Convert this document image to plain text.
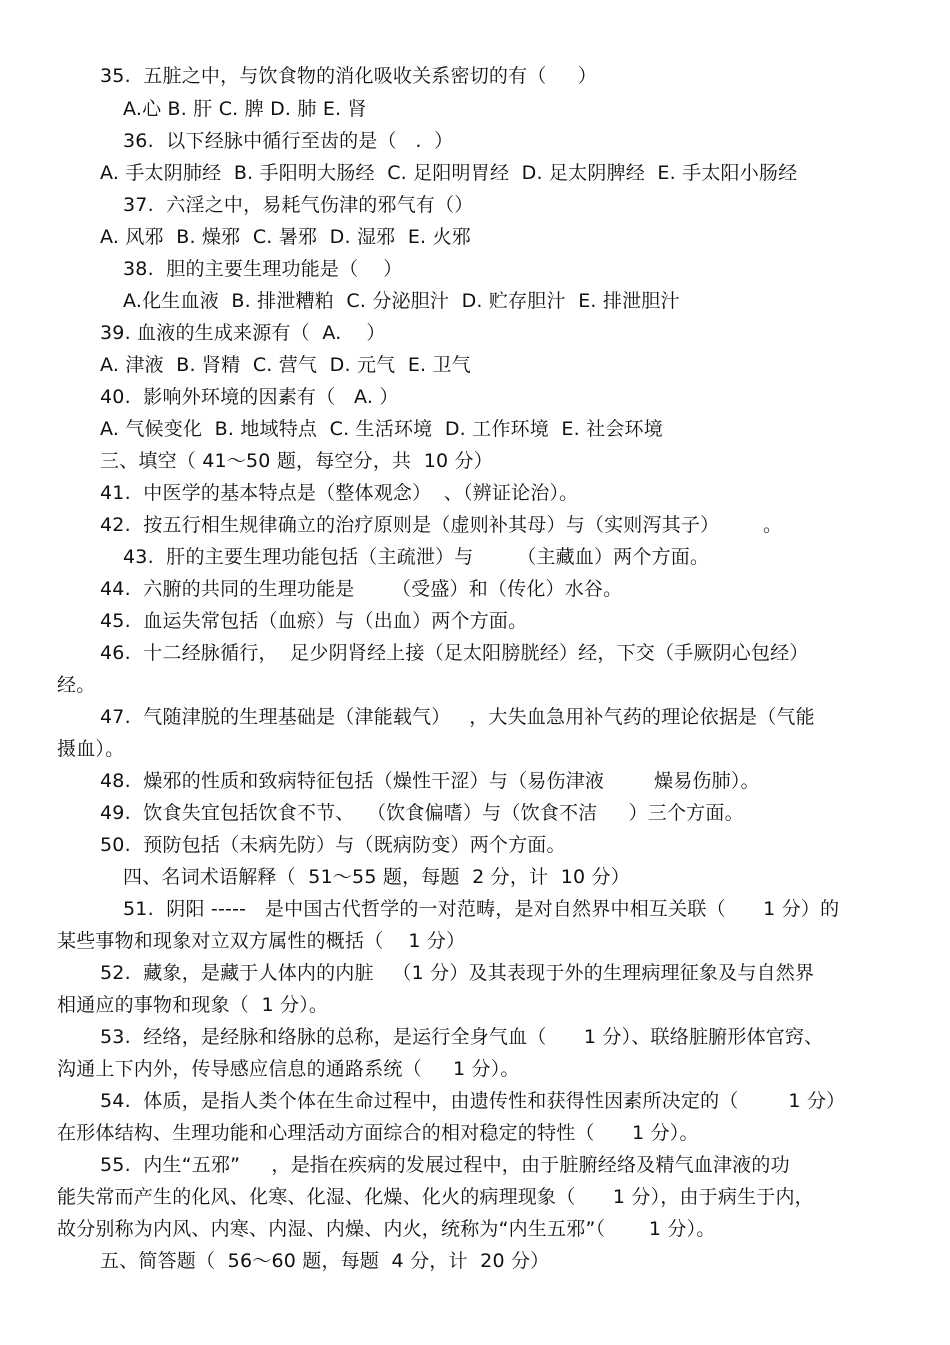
35.  五脏之中，与饮食物的消化吸收关系密切的有（     ）
A.心 B. 肝 C. 脾 D. 肺 E. 肾
36.  以下经脉中循行至齿的是（   .  ）
A. 手太阴肺经  B. 手阳明大肠经  C. 足阳明胃经  D. 足太阴脾经  E. 手太阳小肠经
37.  六淫之中，易耗气伤津的邪气有（）
A. 风邪  B. 燥邪  C. 暑邪  D. 湿邪  E. 火邪
38.  胆的主要生理功能是（    ）
A.化生血液  B. 排泄糟粕  C. 分泌胆汁  D. 贮存胆汁  E. 排泄胆汁
39. 血液的生成来源有（  A.    ）
A. 津液  B. 肾精  C. 营气  D. 元气  E. 卫气
40.  影响外环境的因素有（   A. ）
A. 气候变化  B. 地域特点  C. 生活环境  D. 工作环境  E. 社会环境
三、填空（ 41～50 题，每空分，共  10 分）
41.  中医学的基本特点是（整体观念）  、（辨证论治）。
42.  按五行相生规律确立的治疗原则是（虚则补其母）与（实则泻其子）       。
43.  肝的主要生理功能包括（主疏泄）与       （主藏血）两个方面。
44.  六腑的共同的生理功能是      （受盛）和（传化）水谷。
45.  血运失常包括（血瘀）与（出血）两个方面。
46.  十二经脉循行，  足少阴肾经上接（足太阳膀胱经）经，下交（手厥阴心包经）
经。
47.  气随津脱的生理基础是（津能载气）   ，大失血急用补气药的理论依据是（气能
摄血）。
48.  燥邪的性质和致病特征包括（燥性干涩）与（易伤津液        燥易伤肺）。
49.  饮食失宜包括饮食不节、  （饮食偏嗜）与（饮食不洁     ）三个方面。
50.  预防包括（未病先防）与（既病防变）两个方面。
四、名词术语解释（  51～55 题，每题  2 分，计  10 分）
51.  阴阳 -----   是中国古代哲学的一对范畴，是对自然界中相互关联（      1 分）的
某些事物和现象对立双方属性的概括（    1 分）
52.  藏象，是藏于人体内的内脏   （1 分）及其表现于外的生理病理征象及与自然界
相通应的事物和现象（  1 分）。
53.  经络，是经脉和络脉的总称，是运行全身气血（      1 分）、联络脏腑形体官窍、
沟通上下内外，传导感应信息的通路系统（     1 分）。
54.  体质，是指人类个体在生命过程中，由遗传性和获得性因素所决定的（        1 分）
在形体结构、生理功能和心理活动方面综合的相对稳定的特性（      1 分）。
55.  内生“五邪”     ，是指在疾病的发展过程中，由于脏腑经络及精气血津液的功
能失常而产生的化风、化寒、化湿、化燥、化火的病理现象（      1 分），由于病生于内，
故分别称为内风、内寒、内湿、内燥、内火，统称为“内生五邪”（       1 分）。
五、简答题（  56～60 题，每题  4 分，计  20 分）
